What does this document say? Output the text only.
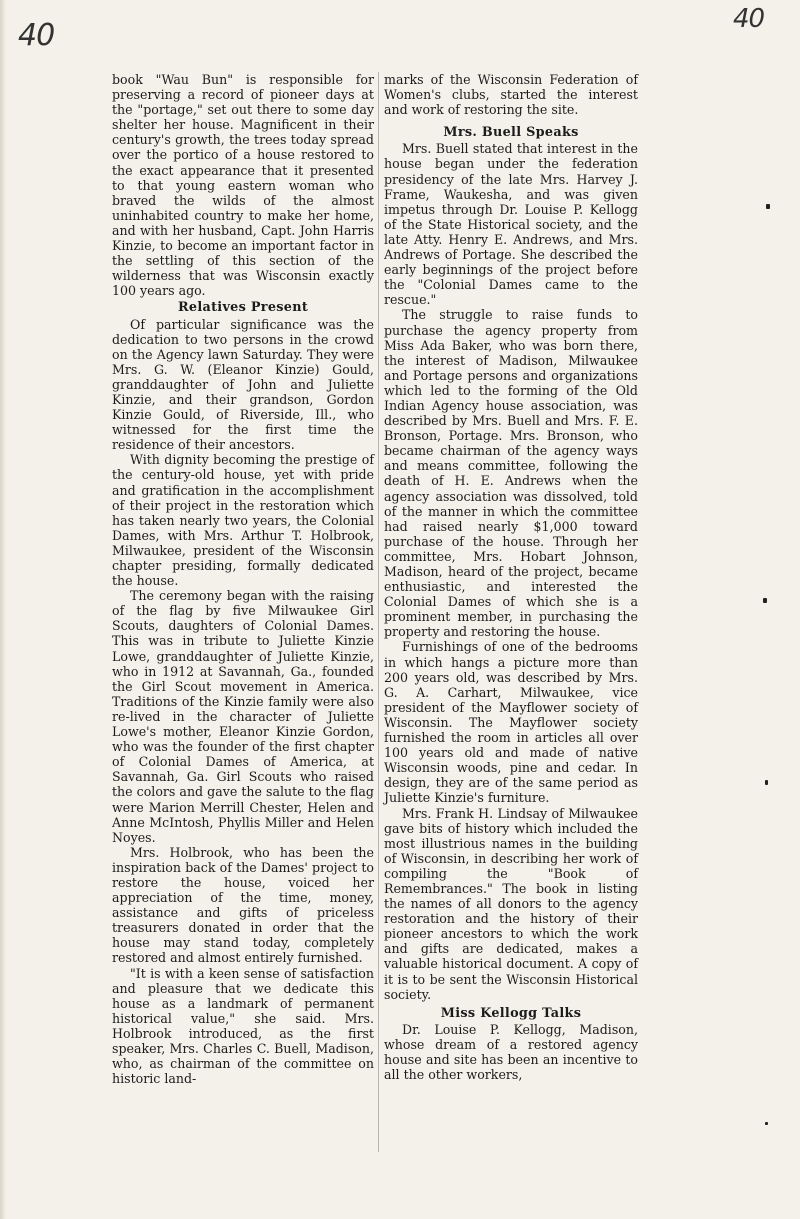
40	40

book "Wau Bun" is responsible for preserving a record of pioneer days at the "portage," set out there to some day shelter her house. Magnificent in their century's growth, the trees today spread over the portico of a house restored to the exact appearance that it presented to that young eastern woman who braved the wilds of the almost uninhabited country to make her home, and with her husband, Capt. John Harris Kinzie, to become an important factor in the settling of this section of the wilderness that was Wisconsin exactly 100 years ago.

Relatives Present

Of particular significance was the dedication to two persons in the crowd on the Agency lawn Saturday. They were Mrs. G. W. (Eleanor Kinzie) Gould, granddaughter of John and Juliette Kinzie, and their grandson, Gordon Kinzie Gould, of Riverside, Ill., who witnessed for the first time the residence of their ancestors.

With dignity becoming the prestige of the century-old house, yet with pride and gratification in the accomplishment of their project in the restoration which has taken nearly two years, the Colonial Dames, with Mrs. Arthur T. Holbrook, Milwaukee, president of the Wisconsin chapter presiding, formally dedicated the house.

The ceremony began with the raising of the flag by five Milwaukee Girl Scouts, daughters of Colonial Dames. This was in tribute to Juliette Kinzie Lowe, granddaughter of Juliette Kinzie, who in 1912 at Savannah, Ga., founded the Girl Scout movement in America. Traditions of the Kinzie family were also re-lived in the character of Juliette Lowe's mother, Eleanor Kinzie Gordon, who was the founder of the first chapter of Colonial Dames of America, at Savannah, Ga. Girl Scouts who raised the colors and gave the salute to the flag were Marion Merrill Chester, Helen and Anne McIntosh, Phyllis Miller and Helen Noyes.

Mrs. Holbrook, who has been the inspiration back of the Dames' project to restore the house, voiced her appreciation of the time, money, assistance and gifts of priceless treasurers donated in order that the house may stand today, completely restored and almost entirely furnished.

"It is with a keen sense of satisfaction and pleasure that we dedicate this house as a landmark of permanent historical value," she said. Mrs. Holbrook introduced, as the first speaker, Mrs. Charles C. Buell, Madison, who, as chairman of the committee on historic land-

marks of the Wisconsin Federation of Women's clubs, started the interest and work of restoring the site.

Mrs. Buell Speaks

Mrs. Buell stated that interest in the house began under the federation presidency of the late Mrs. Harvey J. Frame, Waukesha, and was given impetus through Dr. Louise P. Kellogg of the State Historical society, and the late Atty. Henry E. Andrews, and Mrs. Andrews of Portage. She described the early beginnings of the project before the "Colonial Dames came to the rescue."

The struggle to raise funds to purchase the agency property from Miss Ada Baker, who was born there, the interest of Madison, Milwaukee and Portage persons and organizations which led to the forming of the Old Indian Agency house association, was described by Mrs. Buell and Mrs. F. E. Bronson, Portage. Mrs. Bronson, who became chairman of the agency ways and means committee, following the death of H. E. Andrews when the agency association was dissolved, told of the manner in which the committee had raised nearly $1,000 toward purchase of the house. Through her committee, Mrs. Hobart Johnson, Madison, heard of the project, became enthusiastic, and interested the Colonial Dames of which she is a prominent member, in purchasing the property and restoring the house.

Furnishings of one of the bedrooms in which hangs a picture more than 200 years old, was described by Mrs. G. A. Carhart, Milwaukee, vice president of the Mayflower society of Wisconsin. The Mayflower society furnished the room in articles all over 100 years old and made of native Wisconsin woods, pine and cedar. In design, they are of the same period as Juliette Kinzie's furniture.

Mrs. Frank H. Lindsay of Milwaukee gave bits of history which included the most illustrious names in the building of Wisconsin, in describing her work of compiling the "Book of Remembrances." The book in listing the names of all donors to the agency restoration and the history of their pioneer ancestors to which the work and gifts are dedicated, makes a valuable historical document. A copy of it is to be sent the Wisconsin Historical society.

Miss Kellogg Talks

Dr. Louise P. Kellogg, Madison, whose dream of a restored agency house and site has been an incentive to all the other workers,
